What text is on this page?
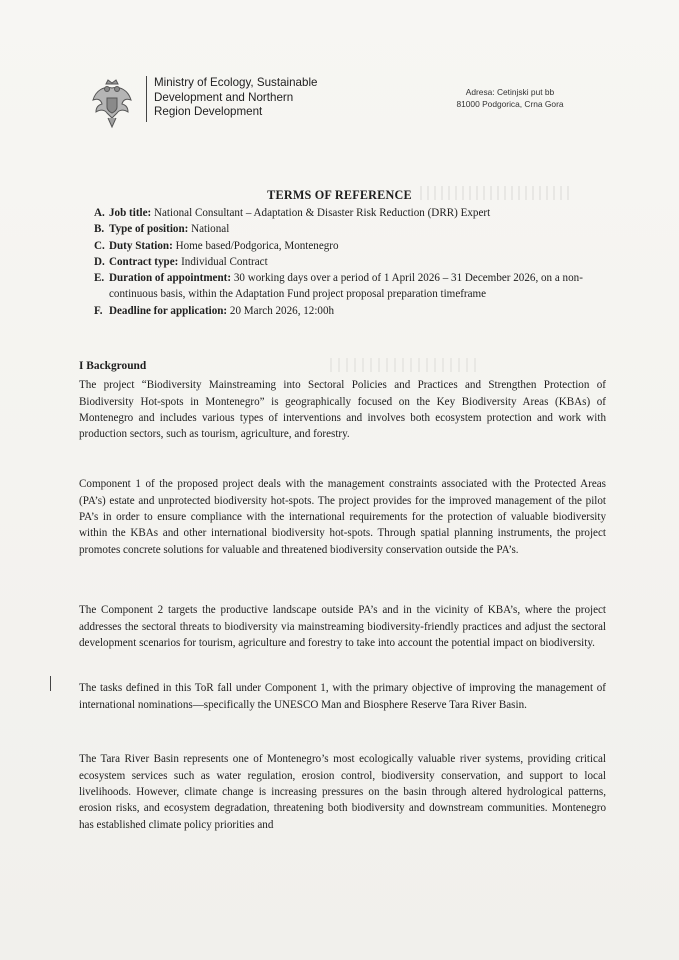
Ministry of Ecology, Sustainable
Development and Northern
Region Development
Adresa: Cetinjski put bb
81000 Podgorica, Crna Gora
TERMS OF REFERENCE
A. Job title: National Consultant – Adaptation & Disaster Risk Reduction (DRR) Expert
B. Type of position: National
C. Duty Station: Home based/Podgorica, Montenegro
D. Contract type: Individual Contract
E. Duration of appointment: 30 working days over a period of 1 April 2026 – 31 December 2026, on a non-continuous basis, within the Adaptation Fund project proposal preparation timeframe
F. Deadline for application: 20 March 2026, 12:00h
I Background

The project “Biodiversity Mainstreaming into Sectoral Policies and Practices and Strengthen Protection of Biodiversity Hot-spots in Montenegro” is geographically focused on the Key Biodiversity Areas (KBAs) of Montenegro and includes various types of interventions and involves both ecosystem protection and work with production sectors, such as tourism, agriculture, and forestry.

Component 1 of the proposed project deals with the management constraints associated with the Protected Areas (PA’s) estate and unprotected biodiversity hot-spots. The project provides for the improved management of the pilot PA’s in order to ensure compliance with the international requirements for the protection of valuable biodiversity within the KBAs and other international biodiversity hot-spots. Through spatial planning instruments, the project promotes concrete solutions for valuable and threatened biodiversity conservation outside the PA’s.

The Component 2 targets the productive landscape outside PA’s and in the vicinity of KBA’s, where the project addresses the sectoral threats to biodiversity via mainstreaming biodiversity-friendly practices and adjust the sectoral development scenarios for tourism, agriculture and forestry to take into account the potential impact on biodiversity.

The tasks defined in this ToR fall under Component 1, with the primary objective of improving the management of international nominations—specifically the UNESCO Man and Biosphere Reserve Tara River Basin.

The Tara River Basin represents one of Montenegro’s most ecologically valuable river systems, providing critical ecosystem services such as water regulation, erosion control, biodiversity conservation, and support to local livelihoods. However, climate change is increasing pressures on the basin through altered hydrological patterns, erosion risks, and ecosystem degradation, threatening both biodiversity and downstream communities. Montenegro has established climate policy priorities and
